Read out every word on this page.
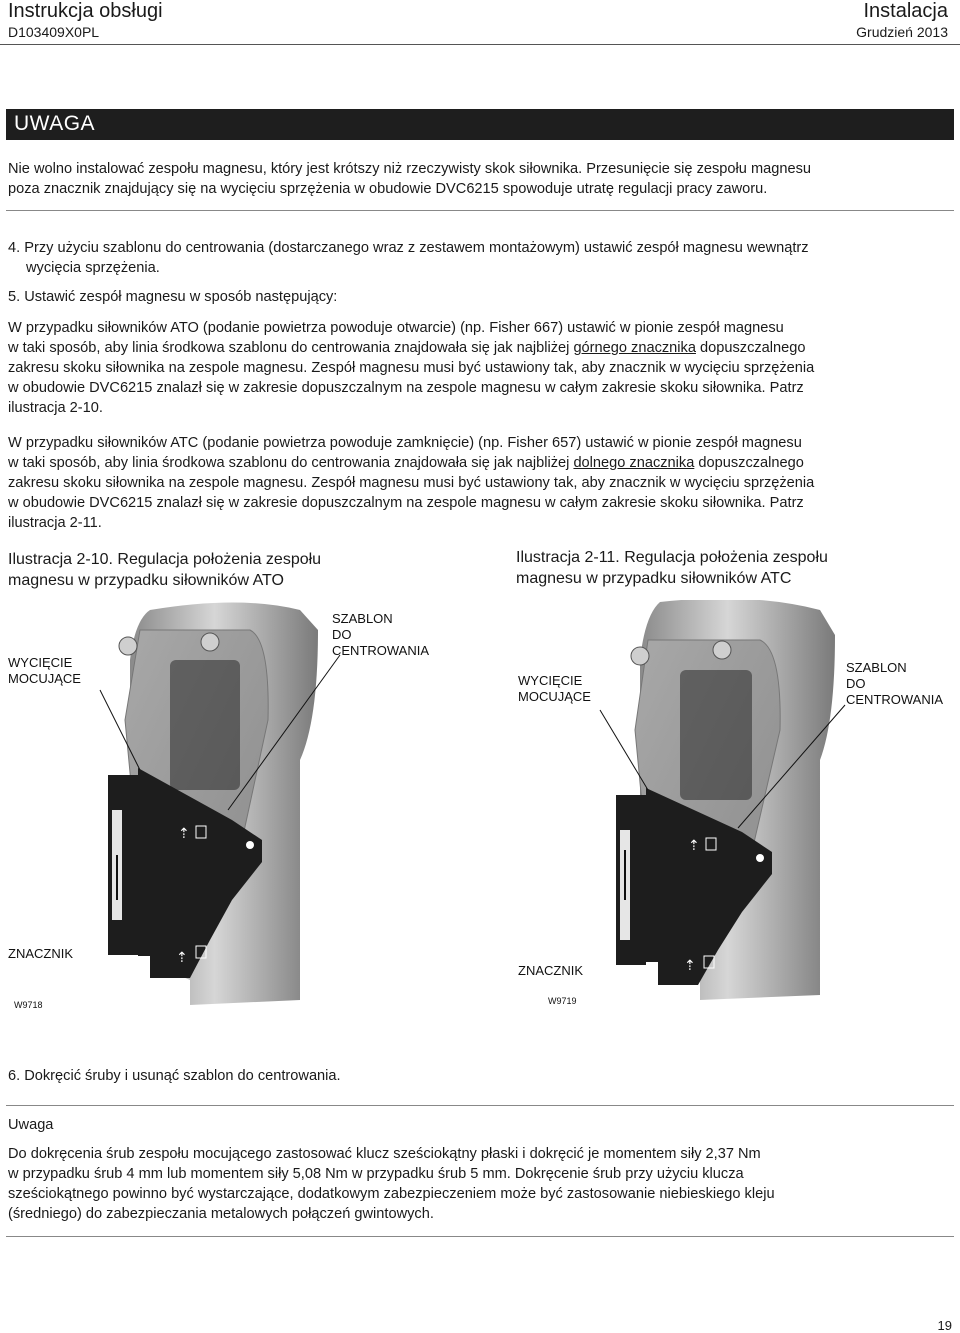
Instrukcja obsługi
D103409X0PL
Instalacja
Grudzień 2013
UWAGA
Nie wolno instalować zespołu magnesu, który jest krótszy niż rzeczywisty skok siłownika. Przesunięcie się zespołu magnesu
poza znacznik znajdujący się na wycięciu sprzężenia w obudowie DVC6215 spowoduje utratę regulacji pracy zaworu.
4. Przy użyciu szablonu do centrowania (dostarczanego wraz z zestawem montażowym) ustawić zespół magnesu wewnątrz
wycięcia sprzężenia.
5. Ustawić zespół magnesu w sposób następujący:
W przypadku siłowników ATO (podanie powietrza powoduje otwarcie) (np. Fisher 667) ustawić w pionie zespół magnesu
w taki sposób, aby linia środkowa szablonu do centrowania znajdowała się jak najbliżej górnego znacznika dopuszczalnego
zakresu skoku siłownika na zespole magnesu. Zespół magnesu musi być ustawiony tak, aby znacznik w wycięciu sprzężenia
w obudowie DVC6215 znalazł się w zakresie dopuszczalnym na zespole magnesu w całym zakresie skoku siłownika. Patrz
ilustracja 2-10.
W przypadku siłowników ATC (podanie powietrza powoduje zamknięcie) (np. Fisher 657) ustawić w pionie zespół magnesu
w taki sposób, aby linia środkowa szablonu do centrowania znajdowała się jak najbliżej dolnego znacznika dopuszczalnego
zakresu skoku siłownika na zespole magnesu. Zespół magnesu musi być ustawiony tak, aby znacznik w wycięciu sprzężenia
w obudowie DVC6215 znalazł się w zakresie dopuszczalnym na zespole magnesu w całym zakresie skoku siłownika. Patrz
ilustracja 2-11.
Ilustracja 2-10. Regulacja położenia zespołu
magnesu w przypadku siłowników ATO
Ilustracja 2-11. Regulacja położenia zespołu
magnesu w przypadku siłowników ATC
⇡
⇡
⇡
⇡
WYCIĘCIE
MOCUJĄCE
SZABLON
DO
CENTROWANIA
ZNACZNIK
W9718
WYCIĘCIE
MOCUJĄCE
SZABLON
DO
CENTROWANIA
ZNACZNIK
W9719
6. Dokręcić śruby i usunąć szablon do centrowania.
Uwaga
Do dokręcenia śrub zespołu mocującego zastosować klucz sześciokątny płaski i dokręcić je momentem siły 2,37 Nm
w przypadku śrub 4 mm lub momentem siły 5,08 Nm w przypadku śrub 5 mm. Dokręcenie śrub przy użyciu klucza
sześciokątnego powinno być wystarczające, dodatkowym zabezpieczeniem może być zastosowanie niebieskiego kleju
(średniego) do zabezpieczania metalowych połączeń gwintowych.
19
